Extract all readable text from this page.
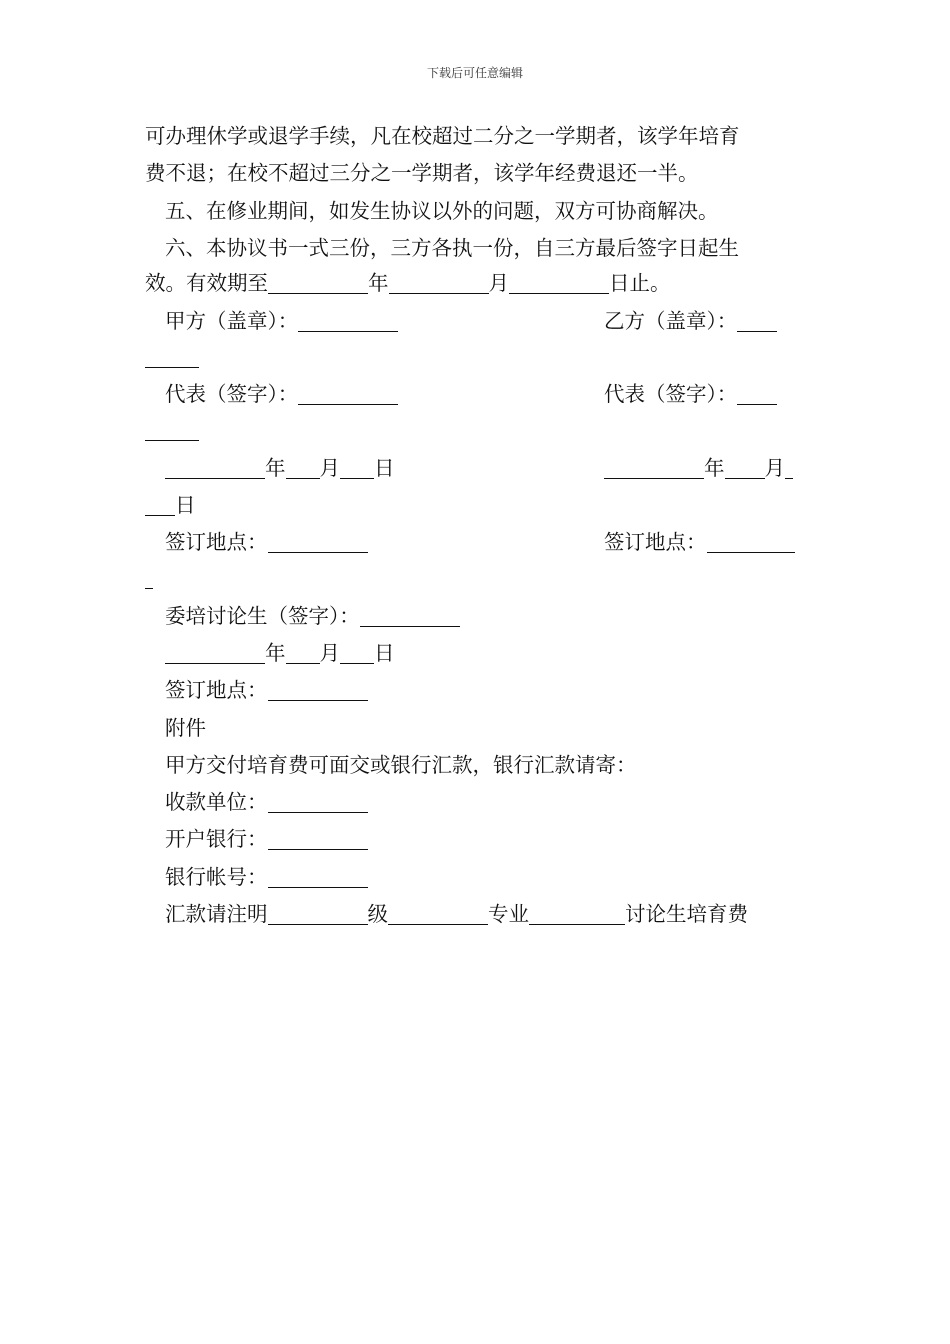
下载后可任意编辑
可办理休学或退学手续，凡在校超过二分之一学期者，该学年培育
费不退；在校不超过三分之一学期者，该学年经费退还一半。
五、在修业期间，如发生协议以外的问题，双方可协商解决。
六、本协议书一式三份，三方各执一份，自三方最后签字日起生
效。有效期至	年	月	日止。
甲方（盖章）：	乙方（盖章）：
代表（签字）：	代表（签字）：
年 月 日	年 月
日
签订地点：	签订地点：
委培讨论生（签字）：
年 月 日
签订地点：
附件
甲方交付培育费可面交或银行汇款，银行汇款请寄：
收款单位：
开户银行：
银行帐号：
汇款请注明	级	专业	讨论生培育费
